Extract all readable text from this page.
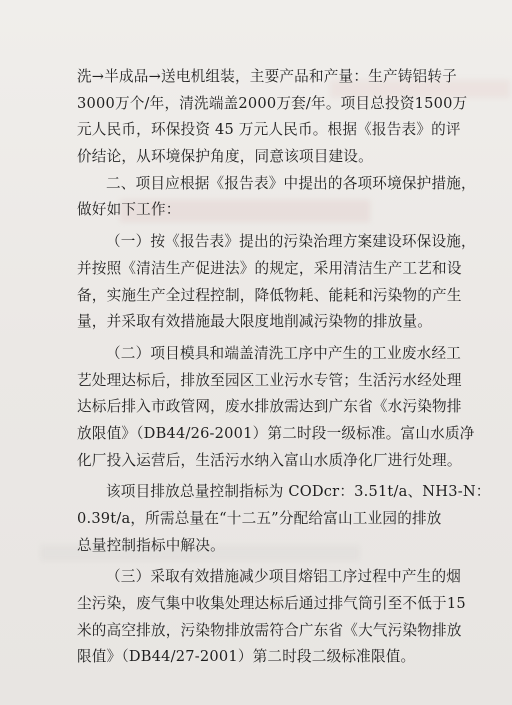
洗→半成品→送电机组装，主要产品和产量：生产铸铝转子
3000万个/年，清洗端盖2000万套/年。项目总投资1500万
元人民币，环保投资 45 万元人民币。根据《报告表》的评
价结论，从环境保护角度，同意该项目建设。
二、项目应根据《报告表》中提出的各项环境保护措施，
做好如下工作：
（一）按《报告表》提出的污染治理方案建设环保设施，
并按照《清洁生产促进法》的规定，采用清洁生产工艺和设
备，实施生产全过程控制，降低物耗、能耗和污染物的产生
量，并采取有效措施最大限度地削减污染物的排放量。
（二）项目模具和端盖清洗工序中产生的工业废水经工
艺处理达标后，排放至园区工业污水专管；生活污水经处理
达标后排入市政管网，废水排放需达到广东省《水污染物排
放限值》（DB44/26-2001）第二时段一级标准。富山水质净
化厂投入运营后，生活污水纳入富山水质净化厂进行处理。
该项目排放总量控制指标为 CODcr：3.51t/a、NH3-N：
0.39t/a，所需总量在“十二五”分配给富山工业园的排放
总量控制指标中解决。
（三）采取有效措施减少项目熔铝工序过程中产生的烟
尘污染，废气集中收集处理达标后通过排气筒引至不低于15
米的高空排放，污染物排放需符合广东省《大气污染物排放
限值》（DB44/27-2001）第二时段二级标准限值。
